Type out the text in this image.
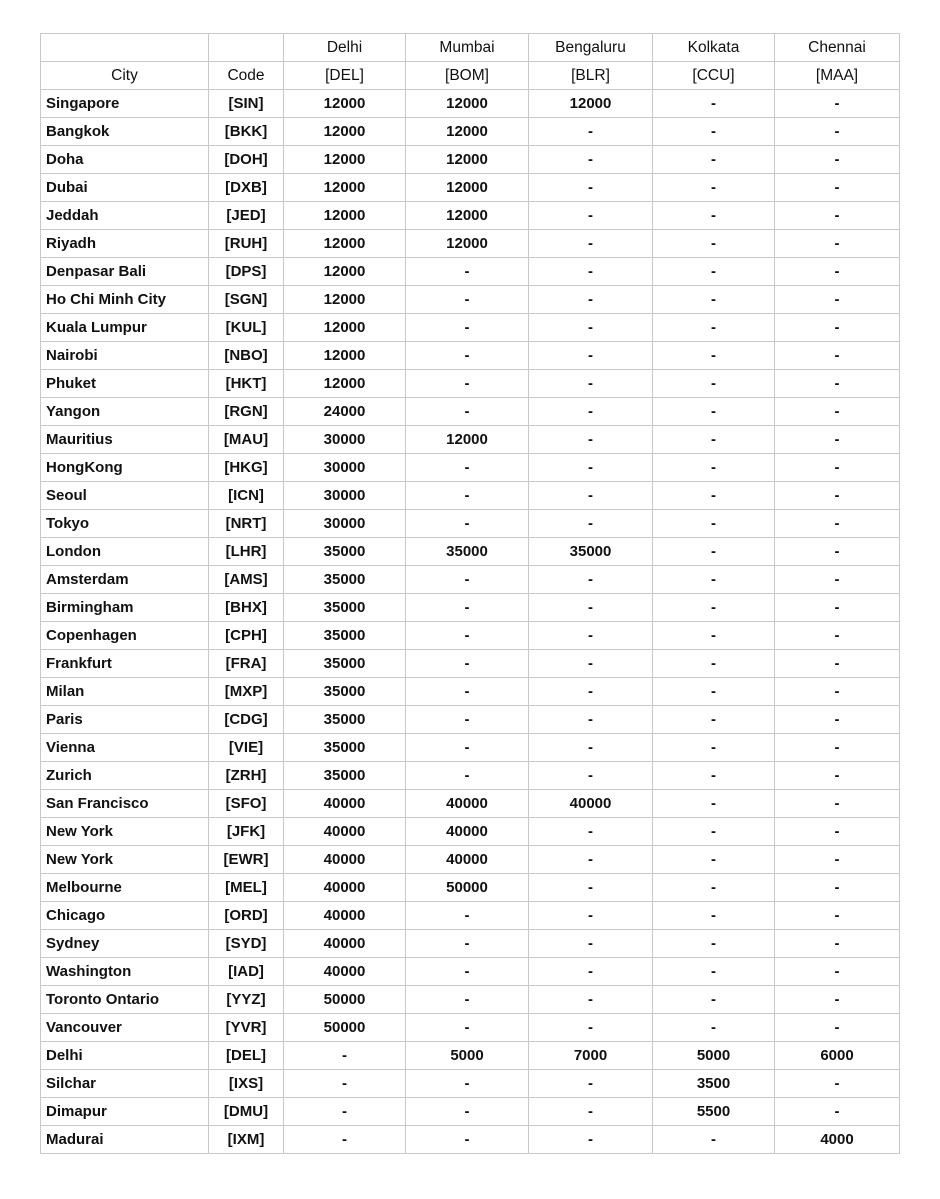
		Delhi	Mumbai	Bengaluru	Kolkata	Chennai
City	Code	[DEL]	[BOM]	[BLR]	[CCU]	[MAA]
Singapore	[SIN]	12000	12000	12000	-	-
Bangkok	[BKK]	12000	12000	-	-	-
Doha	[DOH]	12000	12000	-	-	-
Dubai	[DXB]	12000	12000	-	-	-
Jeddah	[JED]	12000	12000	-	-	-
Riyadh	[RUH]	12000	12000	-	-	-
Denpasar Bali	[DPS]	12000	-	-	-	-
Ho Chi Minh City	[SGN]	12000	-	-	-	-
Kuala Lumpur	[KUL]	12000	-	-	-	-
Nairobi	[NBO]	12000	-	-	-	-
Phuket	[HKT]	12000	-	-	-	-
Yangon	[RGN]	24000	-	-	-	-
Mauritius	[MAU]	30000	12000	-	-	-
HongKong	[HKG]	30000	-	-	-	-
Seoul	[ICN]	30000	-	-	-	-
Tokyo	[NRT]	30000	-	-	-	-
London	[LHR]	35000	35000	35000	-	-
Amsterdam	[AMS]	35000	-	-	-	-
Birmingham	[BHX]	35000	-	-	-	-
Copenhagen	[CPH]	35000	-	-	-	-
Frankfurt	[FRA]	35000	-	-	-	-
Milan	[MXP]	35000	-	-	-	-
Paris	[CDG]	35000	-	-	-	-
Vienna	[VIE]	35000	-	-	-	-
Zurich	[ZRH]	35000	-	-	-	-
San Francisco	[SFO]	40000	40000	40000	-	-
New York	[JFK]	40000	40000	-	-	-
New York	[EWR]	40000	40000	-	-	-
Melbourne	[MEL]	40000	50000	-	-	-
Chicago	[ORD]	40000	-	-	-	-
Sydney	[SYD]	40000	-	-	-	-
Washington	[IAD]	40000	-	-	-	-
Toronto Ontario	[YYZ]	50000	-	-	-	-
Vancouver	[YVR]	50000	-	-	-	-
Delhi	[DEL]	-	5000	7000	5000	6000
Silchar	[IXS]	-	-	-	3500	-
Dimapur	[DMU]	-	-	-	5500	-
Madurai	[IXM]	-	-	-	-	4000
